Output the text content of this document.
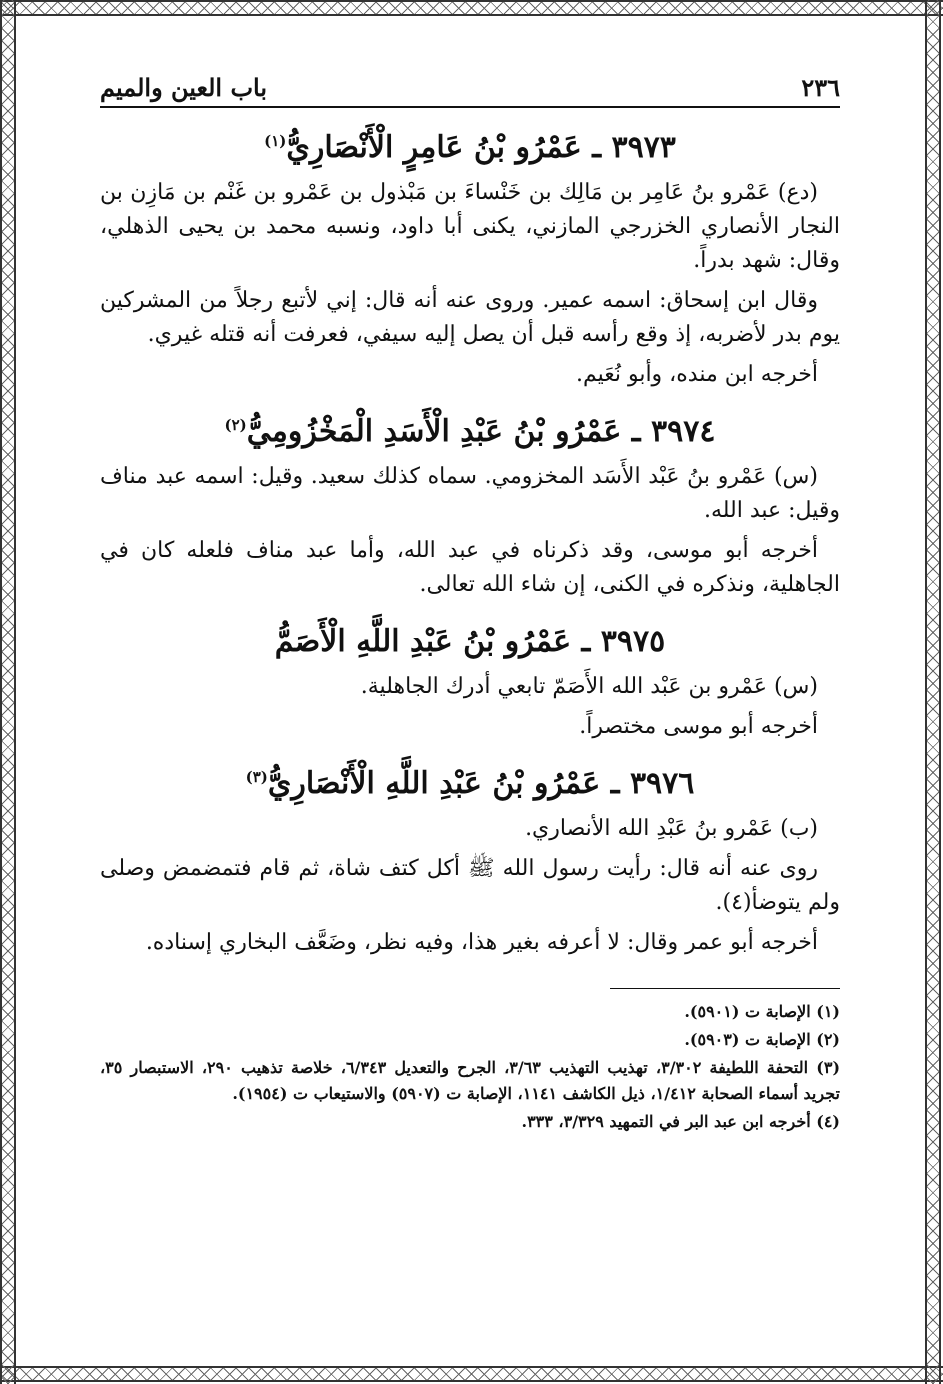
٢٣٦
باب العين والميم
٣٩٧٣ ـ عَمْرُو بْنُ عَامِرٍ الْأَنْصَارِيُّ$^{(١)}$

(دع) عَمْرو بنُ عَامِر بن مَالِك بن خَنْساءَ بن مَبْذول بن عَمْرو بن غَنْم بن مَازِن بن النجار الأنصاري الخزرجي المازني، يكنى أبا داود، ونسبه محمد بن يحيى الذهلي، وقال: شهد بدراً.

وقال ابن إسحاق: اسمه عمير. وروى عنه أنه قال: إني لأتبع رجلاً من المشركين يوم بدر لأضربه، إذ وقع رأسه قبل أن يصل إليه سيفي، فعرفت أنه قتله غيري.

أخرجه ابن منده، وأبو نُعَيم.

٣٩٧٤ ـ عَمْرُو بْنُ عَبْدِ الْأَسَدِ الْمَخْزُومِيُّ$^{(٢)}$

(س) عَمْرو بنُ عَبْد الأَسَد المخزومي. سماه كذلك سعيد. وقيل: اسمه عبد مناف وقيل: عبد الله.

أخرجه أبو موسى، وقد ذكرناه في عبد الله، وأما عبد مناف فلعله كان في الجاهلية، ونذكره في الكنى، إن شاء الله تعالى.

٣٩٧٥ ـ عَمْرُو بْنُ عَبْدِ اللَّهِ الْأَصَمُّ

(س) عَمْرو بن عَبْد الله الأَصَمّ تابعي أدرك الجاهلية.

أخرجه أبو موسى مختصراً.

٣٩٧٦ ـ عَمْرُو بْنُ عَبْدِ اللَّهِ الْأَنْصَارِيُّ$^{(٣)}$

(ب) عَمْرو بنُ عَبْدِ الله الأنصاري.

روى عنه أنه قال: رأيت رسول الله ﷺ أكل كتف شاة، ثم قام فتمضمض وصلى ولم يتوضأ(٤).

أخرجه أبو عمر وقال: لا أعرفه بغير هذا، وفيه نظر، وضَعَّف البخاري إسناده.

(١) الإصابة ت (٥٩٠١).

(٢) الإصابة ت (٥٩٠٣).

(٣) التحفة اللطيفة ٣/٣٠٢، تهذيب التهذيب ٣/٦٣، الجرح والتعديل ٦/٣٤٣، خلاصة تذهيب ٢٩٠، الاستبصار ٣٥، تجريد أسماء الصحابة ١/٤١٢، ذيل الكاشف ١١٤١، الإصابة ت (٥٩٠٧) والاستيعاب ت (١٩٥٤).

(٤) أخرجه ابن عبد البر في التمهيد ٣/٣٢٩، ٣٣٣.
